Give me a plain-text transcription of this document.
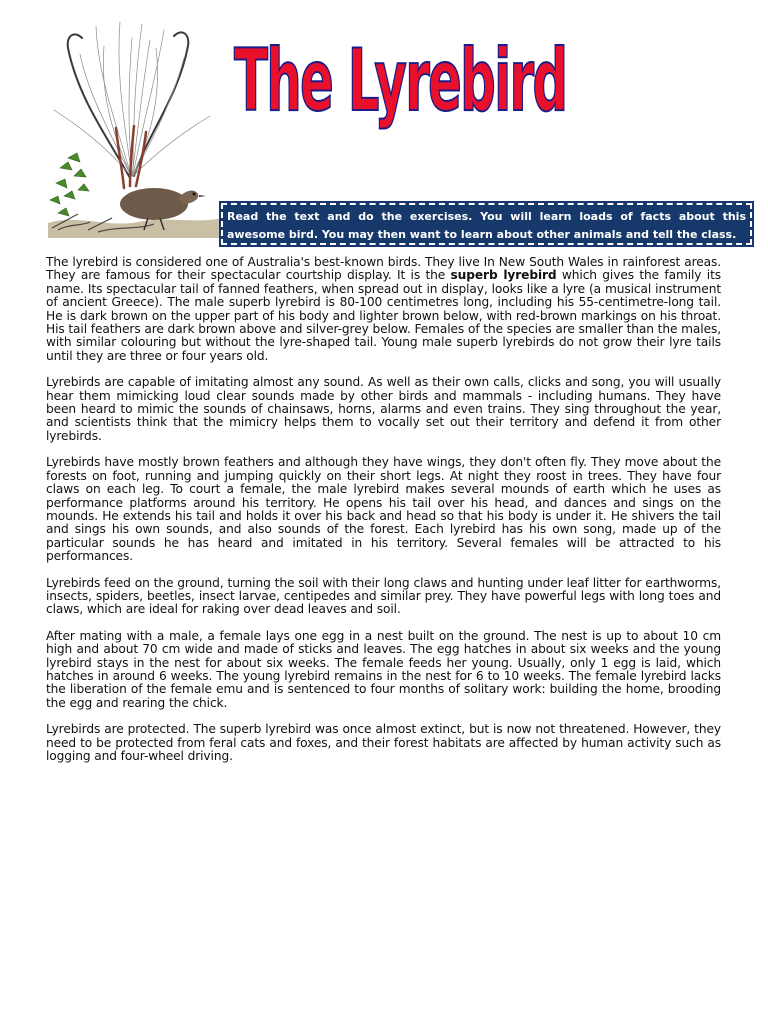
The Lyrebird
Read the text and do the exercises. You will learn loads of facts about this awesome bird. You may then want to learn about other animals and tell the class.

The lyrebird is considered one of Australia's best-known birds. They live In New South Wales in rainforest areas. They are famous for their spectacular courtship display. It is the superb lyrebird which gives the family its name. Its spectacular tail of fanned feathers, when spread out in display, looks like a lyre (a musical instrument of ancient Greece). The male superb lyrebird is 80-100 centimetres long, including his 55-centimetre-long tail. He is dark brown on the upper part of his body and lighter brown below, with red-brown markings on his throat. His tail feathers are dark brown above and silver-grey below. Females of the species are smaller than the males, with similar colouring but without the lyre-shaped tail. Young male superb lyrebirds do not grow their lyre tails until they are three or four years old.

Lyrebirds are capable of imitating almost any sound. As well as their own calls, clicks and song, you will usually hear them mimicking loud clear sounds made by other birds and mammals - including humans. They have been heard to mimic the sounds of chainsaws, horns, alarms and even trains. They sing throughout the year, and scientists think that the mimicry helps them to vocally set out their territory and defend it from other lyrebirds.

Lyrebirds have mostly brown feathers and although they have wings, they don't often fly. They move about the forests on foot, running and jumping quickly on their short legs. At night they roost in trees. They have four claws on each leg. To court a female, the male lyrebird makes several mounds of earth which he uses as performance platforms around his territory. He opens his tail over his head, and dances and sings on the mounds. He extends his tail and holds it over his back and head so that his body is under it. He shivers the tail and sings his own sounds, and also sounds of the forest. Each lyrebird has his own song, made up of the particular sounds he has heard and imitated in his territory. Several females will be attracted to his performances.

Lyrebirds feed on the ground, turning the soil with their long claws and hunting under leaf litter for earthworms, insects, spiders, beetles, insect larvae, centipedes and similar prey. They have powerful legs with long toes and claws, which are ideal for raking over dead leaves and soil.

After mating with a male, a female lays one egg in a nest built on the ground. The nest is up to about 10 cm high and about 70 cm wide and made of sticks and leaves. The egg hatches in about six weeks and the young lyrebird stays in the nest for about six weeks. The female feeds her young. Usually, only 1 egg is laid, which hatches in around 6 weeks. The young lyrebird remains in the nest for 6 to 10 weeks. The female lyrebird lacks the liberation of the female emu and is sentenced to four months of solitary work: building the home, brooding the egg and rearing the chick.

Lyrebirds are protected. The superb lyrebird was once almost extinct, but is now not threatened. However, they need to be protected from feral cats and foxes, and their forest habitats are affected by human activity such as logging and four-wheel driving.
